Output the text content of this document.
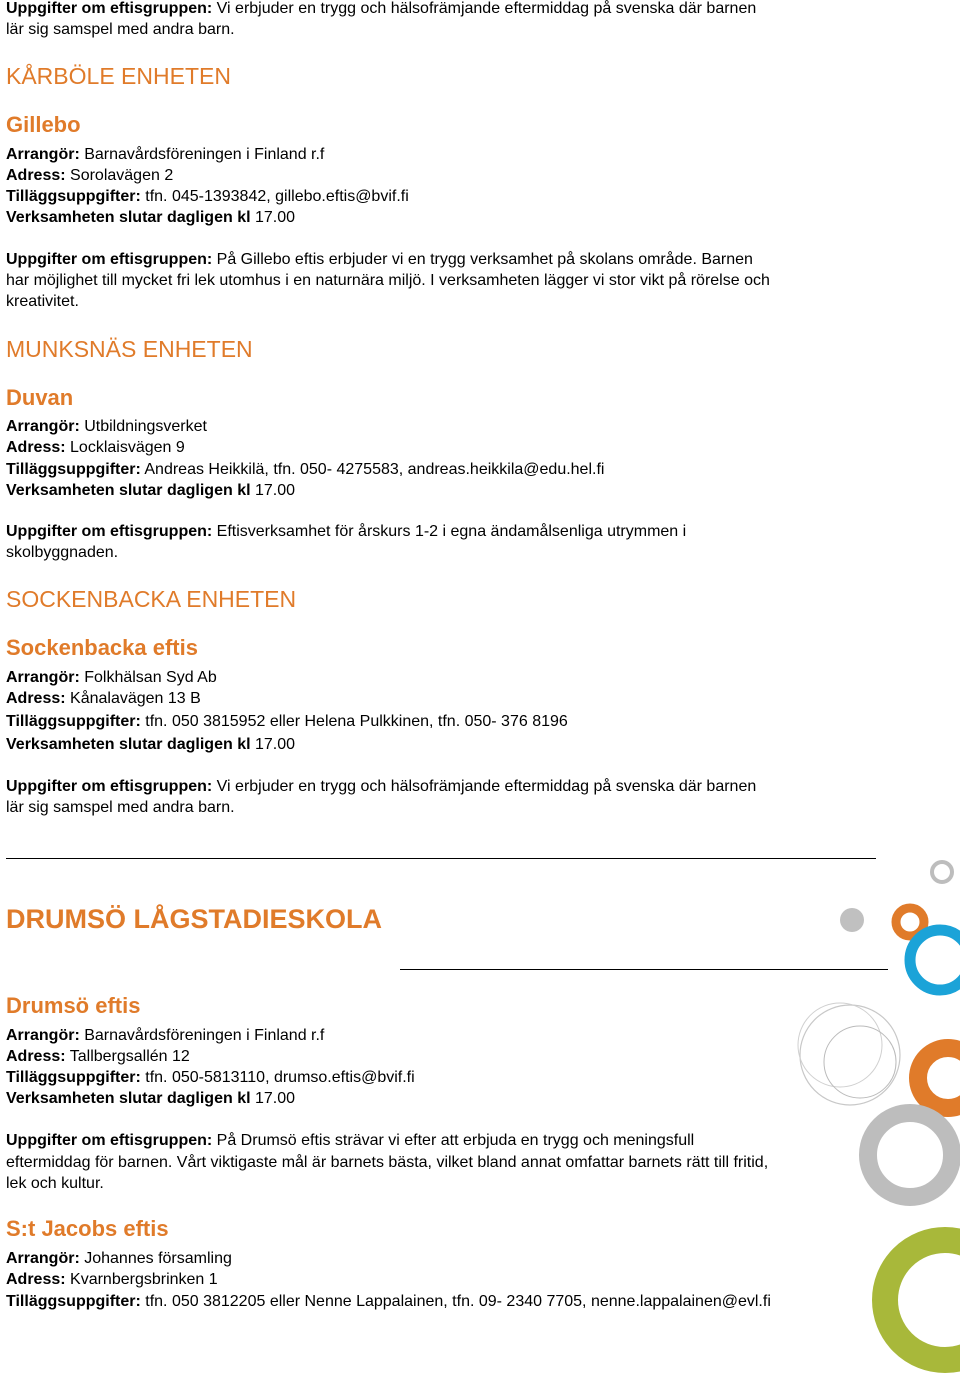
Uppgifter om eftisgruppen: Vi erbjuder en trygg och hälsofrämjande eftermiddag på svenska där barnen
lär sig samspel med andra barn.
KÅRBÖLE ENHETEN
Gillebo
Arrangör: Barnavårdsföreningen i Finland r.f
Adress: Sorolavägen 2
Tilläggsuppgifter: tfn. 045-1393842, gillebo.eftis@bvif.fi
Verksamheten slutar dagligen kl 17.00
Uppgifter om eftisgruppen: På Gillebo eftis erbjuder vi en trygg verksamhet på skolans område. Barnen
har möjlighet till mycket fri lek utomhus i en naturnära miljö. I verksamheten lägger vi stor vikt på rörelse och
kreativitet.
MUNKSNÄS ENHETEN
Duvan
Arrangör: Utbildningsverket
Adress: Locklaisvägen 9
Tilläggsuppgifter: Andreas Heikkilä, tfn. 050- 4275583, andreas.heikkila@edu.hel.fi
Verksamheten slutar dagligen kl 17.00
Uppgifter om eftisgruppen: Eftisverksamhet för årskurs 1-2 i egna ändamålsenliga utrymmen i
skolbyggnaden.
SOCKENBACKA ENHETEN
Sockenbacka eftis
Arrangör: Folkhälsan Syd Ab
Adress: Kånalavägen 13 B
Tilläggsuppgifter: tfn. 050 3815952 eller Helena Pulkkinen, tfn. 050- 376 8196
Verksamheten slutar dagligen kl 17.00
Uppgifter om eftisgruppen: Vi erbjuder en trygg och hälsofrämjande eftermiddag på svenska där barnen
lär sig samspel med andra barn.
DRUMSÖ LÅGSTADIESKOLA
Drumsö eftis
Arrangör: Barnavårdsföreningen i Finland r.f
Adress: Tallbergsallén 12
Tilläggsuppgifter: tfn. 050-5813110, drumso.eftis@bvif.fi
Verksamheten slutar dagligen kl 17.00
Uppgifter om eftisgruppen: På Drumsö eftis strävar vi efter att erbjuda en trygg och meningsfull
eftermiddag för barnen. Vårt viktigaste mål är barnets bästa, vilket bland annat omfattar barnets rätt till fritid,
lek och kultur.
S:t Jacobs eftis
Arrangör: Johannes församling
Adress: Kvarnbergsbrinken 1
Tilläggsuppgifter: tfn. 050 3812205 eller Nenne Lappalainen, tfn. 09- 2340 7705, nenne.lappalainen@evl.fi
